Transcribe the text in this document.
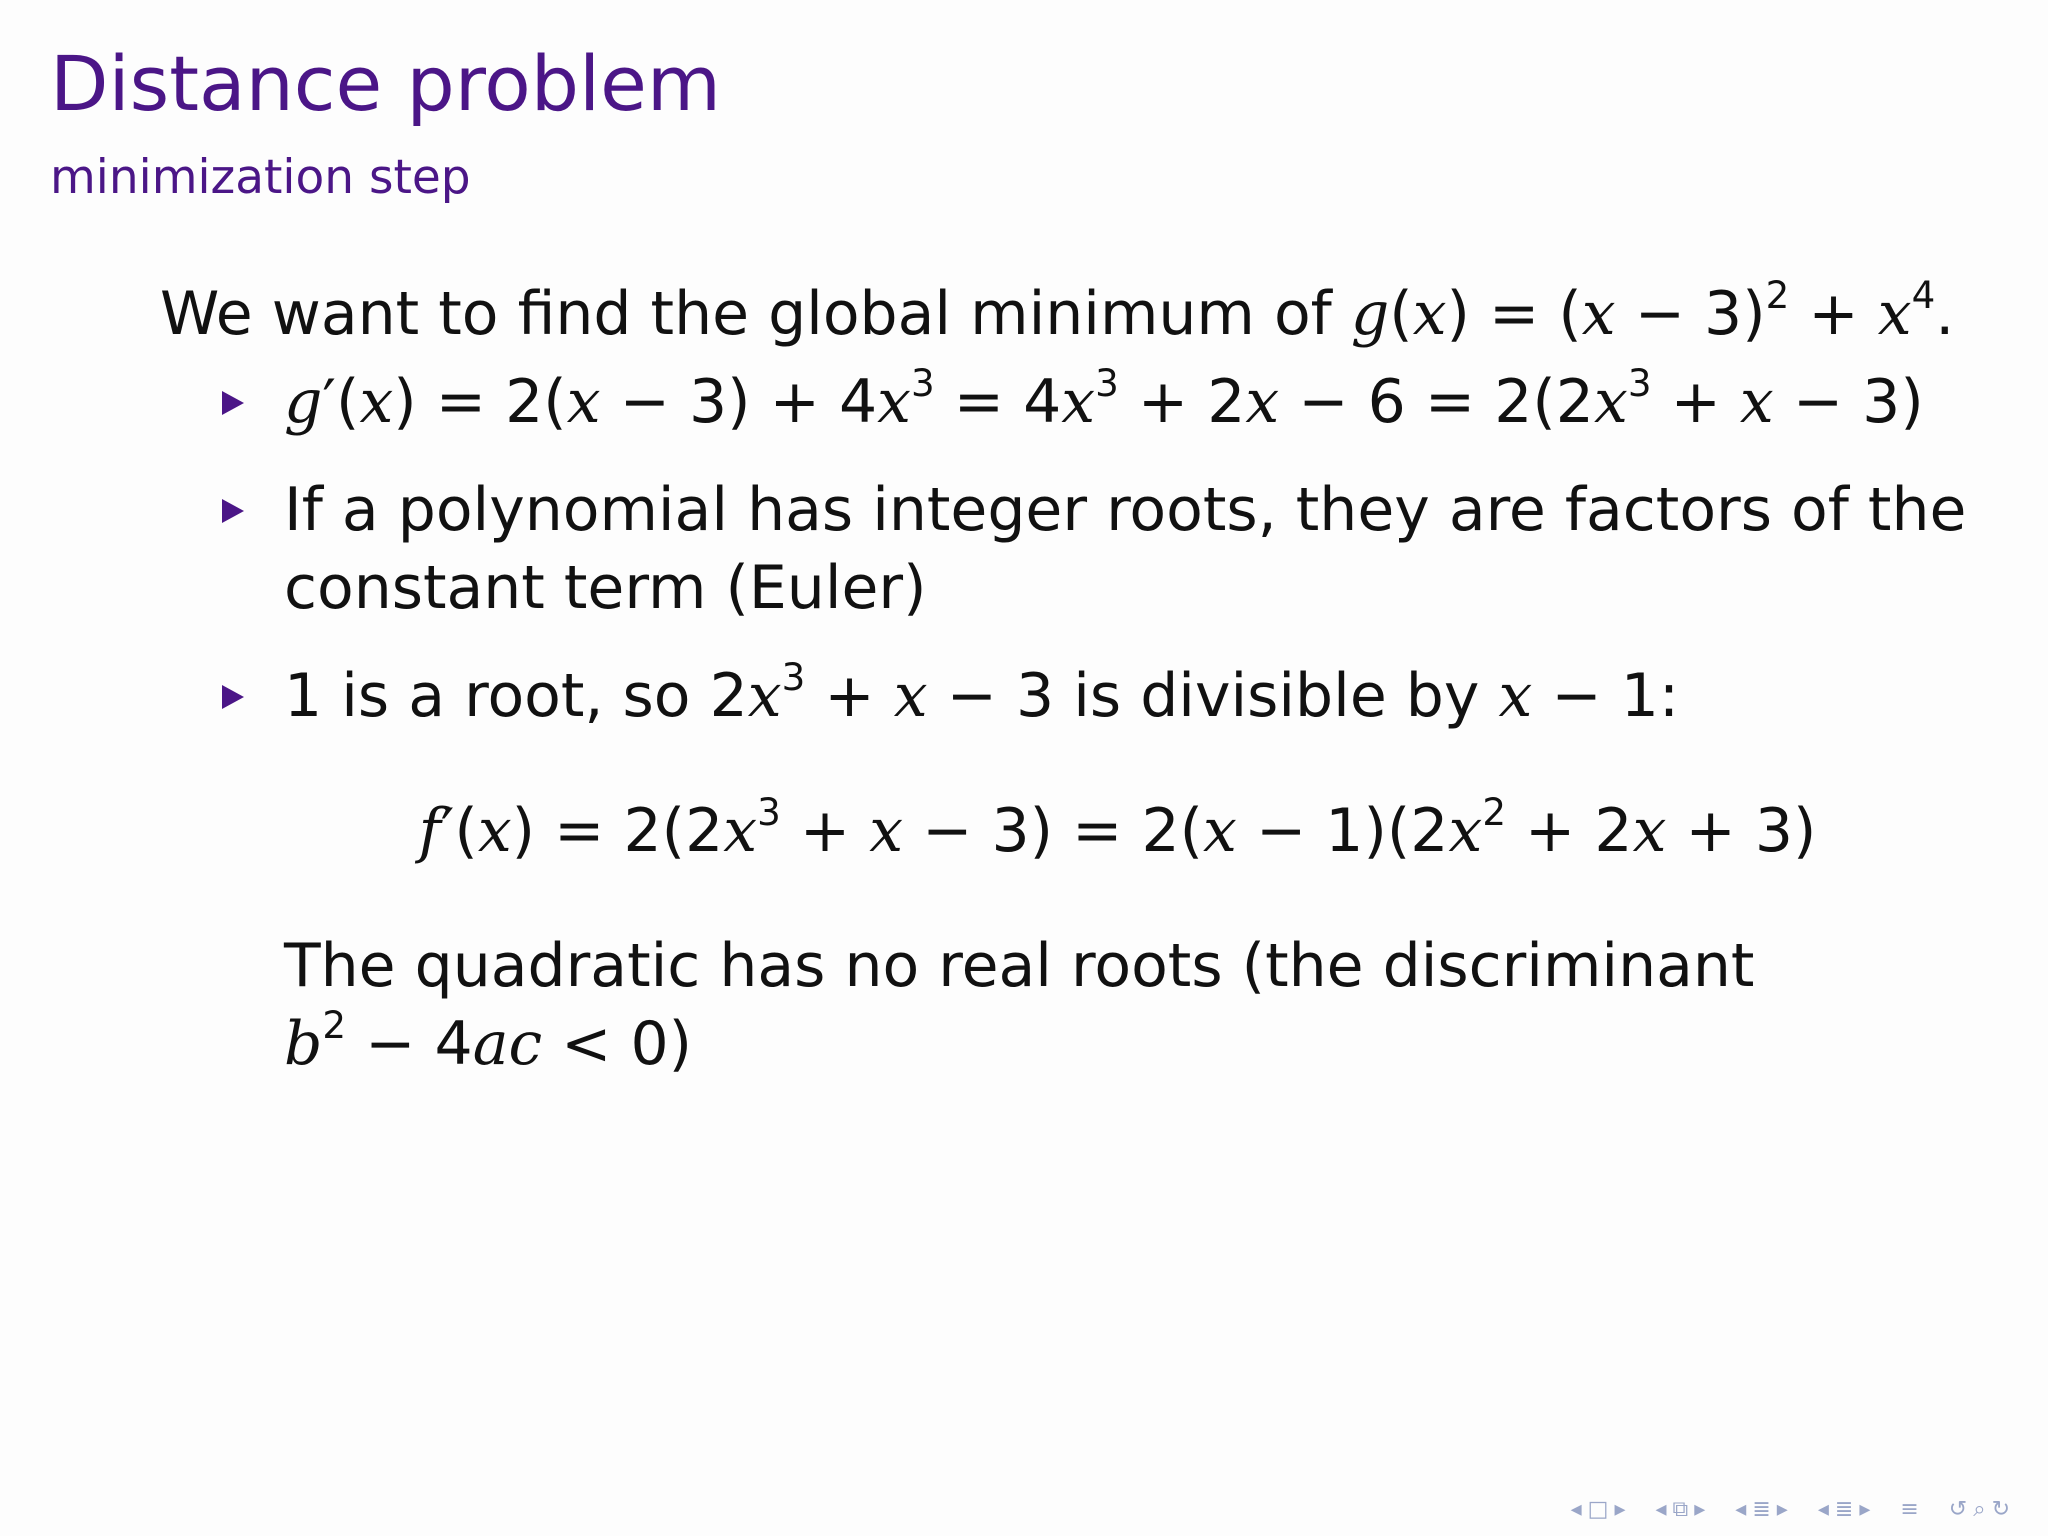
Distance problem
minimization step
We want to find the global minimum of $g(x) = (x - 3)^2 + x^4$.
$g'(x) = 2(x - 3) + 4x^3 = 4x^3 + 2x - 6 = 2(2x^3 + x - 3)$
If a polynomial has integer roots, they are factors of the
constant term (Euler)
1 is a root, so $2x^3 + x - 3$ is divisible by x − 1:
$f'(x) = 2(2x^3 + x - 3) = 2(x - 1)(2x^2 + 2x + 3)$
The quadratic has no real roots (the discriminant
$b^2 - 4ac < 0$)
◂ □ ▸ ◂ ⧉ ▸ ◂ ≣ ▸ ◂ ≣ ▸ ≡ ↺ ⌕ ↻
